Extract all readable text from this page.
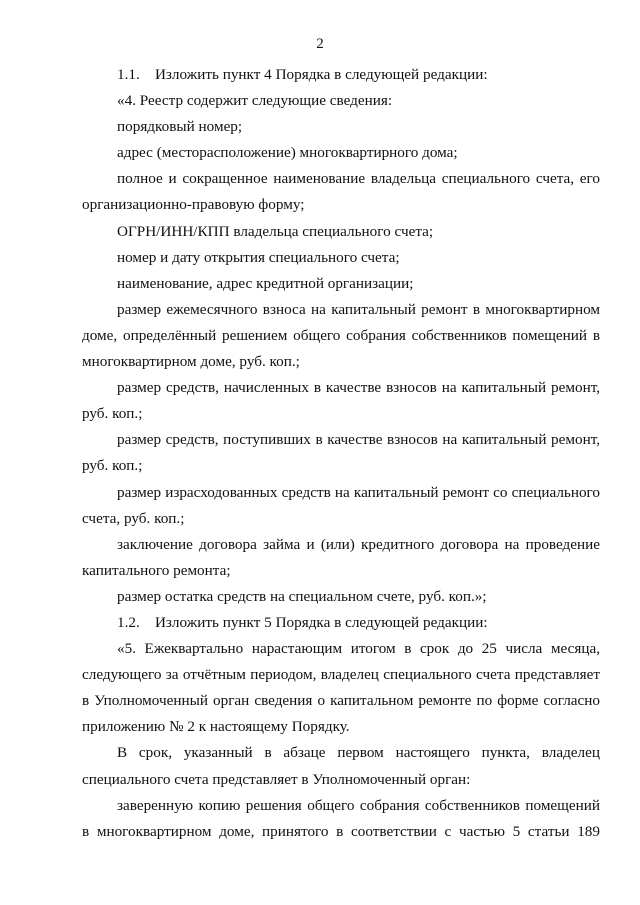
2

1.1. Изложить пункт 4 Порядка в следующей редакции:

«4. Реестр содержит следующие сведения:

порядковый номер;

адрес (месторасположение) многоквартирного дома;

полное и сокращенное наименование владельца специального счета, его организационно-правовую форму;

ОГРН/ИНН/КПП владельца специального счета;

номер и дату открытия специального счета;

наименование, адрес кредитной организации;

размер ежемесячного взноса на капитальный ремонт в многоквартирном доме, определённый решением общего собрания собственников помещений в многоквартирном доме, руб. коп.;

размер средств, начисленных в качестве взносов на капитальный ремонт, руб. коп.;

размер средств, поступивших в качестве взносов на капитальный ремонт, руб. коп.;

размер израсходованных средств на капитальный ремонт со специального счета, руб. коп.;

заключение договора займа и (или) кредитного договора на проведение капитального ремонта;

размер остатка средств на специальном счете, руб. коп.»;

1.2. Изложить пункт 5 Порядка в следующей редакции:

«5. Ежеквартально нарастающим итогом в срок до 25 числа месяца, следующего за отчётным периодом, владелец специального счета представляет в Уполномоченный орган сведения о капитальном ремонте по форме согласно приложению № 2 к настоящему Порядку.

В срок, указанный в абзаце первом настоящего пункта, владелец специального счета представляет в Уполномоченный орган:

заверенную копию решения общего собрания собственников помещений в многоквартирном доме, принятого в соответствии с частью 5 статьи 189
